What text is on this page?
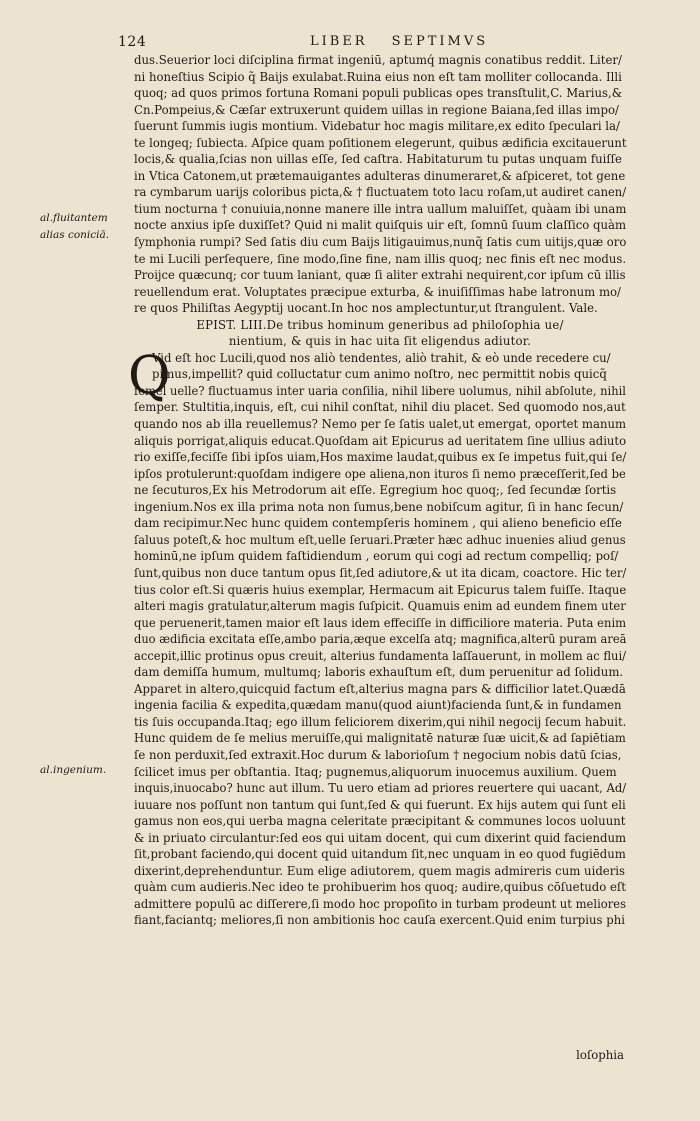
124	LIBER SEPTIMVS
al.fluitantem
alias coniciā.
al.ingenium.
dus.Seuerior loci diſciplina firmat ingeniū, aptumq́ magnis conatibus reddit. Liter/
ni honeſtius Scipio q̃ Baijs exulabat.Ruina eius non eſt tam molliter collocanda. Illi
quoq; ad quos primos fortuna Romani populi publicas opes transſtulit,C. Marius,&
Cn.Pompeius,& Cæſar extruxerunt quidem uillas in regione Baiana,ſed illas impo/
ſuerunt ſummis iugis montium. Videbatur hoc magis militare,ex edito ſpeculari la/
te longeq; ſubiecta. Aſpice quam poſitionem elegerunt, quibus ædificia excitauerunt
locis,& qualia,ſcias non uillas eſſe, ſed caſtra. Habitaturum tu putas unquam fuiſſe
in Vtica Catonem,ut prætemauigantes adulteras dinumeraret,& aſpiceret, tot gene
ra cymbarum uarijs coloribus picta,& † fluctuatem toto lacu roſam,ut audiret canen/
tium nocturna † conuiuia,nonne manere ille intra uallum maluiſſet, quàam ibi unam
nocte anxius ipſe duxiſſet? Quid ni malit quiſquis uir eſt, ſomnū ſuum claſſico quàm
ſymphonia rumpi? Sed ſatis diu cum Baijs litigauimus,nunq̃ ſatis cum uitijs,quæ oro
te mi Lucili perſequere, ſine modo,ſine fine, nam illis quoq; nec finis eſt nec modus.
Proijce quæcunq; cor tuum laniant, quæ ſi aliter extrahi nequirent,cor ipſum cū illis
reuellendum erat. Voluptates præcipue exturba, & inuiſiſſimas habe latronum mo/
re quos Philiſtas Aegyptij uocant.In hoc nos amplectuntur,ut ſtrangulent. Vale.
EPIST. LIII.De tribus hominum generibus ad philoſophia ue/
nientium, & quis in hac uita ſit eligendus adiutor.
Q
Vid eſt hoc Lucili,quod nos aliò tendentes, aliò trahit, & eò unde recedere cu/
pimus,impellit? quid colluctatur cum animo noſtro, nec permittit nobis quicq̃
ſemel uelle? fluctuamus inter uaria conſilia, nihil libere uolumus, nihil abſolute, nihil
ſemper. Stultitia,inquis, eſt, cui nihil conſtat, nihil diu placet. Sed quomodo nos,aut
quando nos ab illa reuellemus? Nemo per ſe ſatis ualet,ut emergat, oportet manum
aliquis porrigat,aliquis educat.Quoſdam ait Epicurus ad ueritatem ſine ullius adiuto
rio exiſſe,feciſſe ſibi ipſos uiam,Hos maxime laudat,quibus ex ſe impetus fuit,qui ſe/
ipſos protulerunt:quoſdam indigere ope aliena,non ituros ſi nemo præceſſerit,ſed be
ne ſecuturos,Ex his Metrodorum ait eſſe. Egregium hoc quoq;, ſed ſecundæ ſortis
ingenium.Nos ex illa prima nota non ſumus,bene nobiſcum agitur, ſi in hanc ſecun/
dam recipimur.Nec hunc quidem contempſeris hominem , qui alieno beneficio eſſe
ſaluus poteſt,& hoc multum eſt,uelle ſeruari.Præter hæc adhuc inuenies aliud genus
hominū,ne ipſum quidem faſtidiendum , eorum qui cogi ad rectum compelliq; poſ/
ſunt,quibus non duce tantum opus ſit,ſed adiutore,& ut ita dicam, coactore. Hic ter/
tius color eſt.Si quæris huius exemplar, Hermacum ait Epicurus talem fuiſſe. Itaque
alteri magis gratulatur,alterum magis ſuſpicit. Quamuis enim ad eundem finem uter
que peruenerit,tamen maior eſt laus idem effeciſſe in difficiliore materia. Puta enim
duo ædificia excitata eſſe,ambo paria,æque excelſa atq; magnifica,alterū puram areā
accepit,illic protinus opus creuit, alterius fundamenta laſſauerunt, in mollem ac flui/
dam demiſſa humum, multumq; laboris exhauſtum eſt, dum peruenitur ad ſolidum.
Apparet in altero,quicquid factum eſt,alterius magna pars & difficilior latet.Quædā
ingenia facilia & expedita,quædam manu(quod aiunt)facienda ſunt,& in fundamen
tis ſuis occupanda.Itaq; ego illum feliciorem dixerim,qui nihil negocij ſecum habuit.
Hunc quidem de ſe melius meruiſſe,qui malignitatē naturæ ſuæ uicit,& ad ſapiētiam
ſe non perduxit,ſed extraxit.Hoc durum & laborioſum † negocium nobis datū ſcias,
ſcilicet imus per obſtantia. Itaq; pugnemus,aliquorum inuocemus auxilium. Quem
inquis,inuocabo? hunc aut illum. Tu uero etiam ad priores reuertere qui uacant, Ad/
iuuare nos poſſunt non tantum qui ſunt,ſed & qui fuerunt. Ex hijs autem qui ſunt eli
gamus non eos,qui uerba magna celeritate præcipitant & communes locos uoluunt
& in priuato circulantur:ſed eos qui uitam docent, qui cum dixerint quid faciendum
ſit,probant faciendo,qui docent quid uitandum ſit,nec unquam in eo quod fugiēdum
dixerint,deprehenduntur. Eum elige adiutorem, quem magis admireris cum uideris
quàm cum audieris.Nec ideo te prohibuerim hos quoq; audire,quibus cōſuetudo eſt
admittere populū ac diſſerere,ſi modo hoc propoſito in turbam prodeunt ut meliores
fiant,faciantq; meliores,ſi non ambitionis hoc cauſa exercent.Quid enim turpius phi
loſophia
